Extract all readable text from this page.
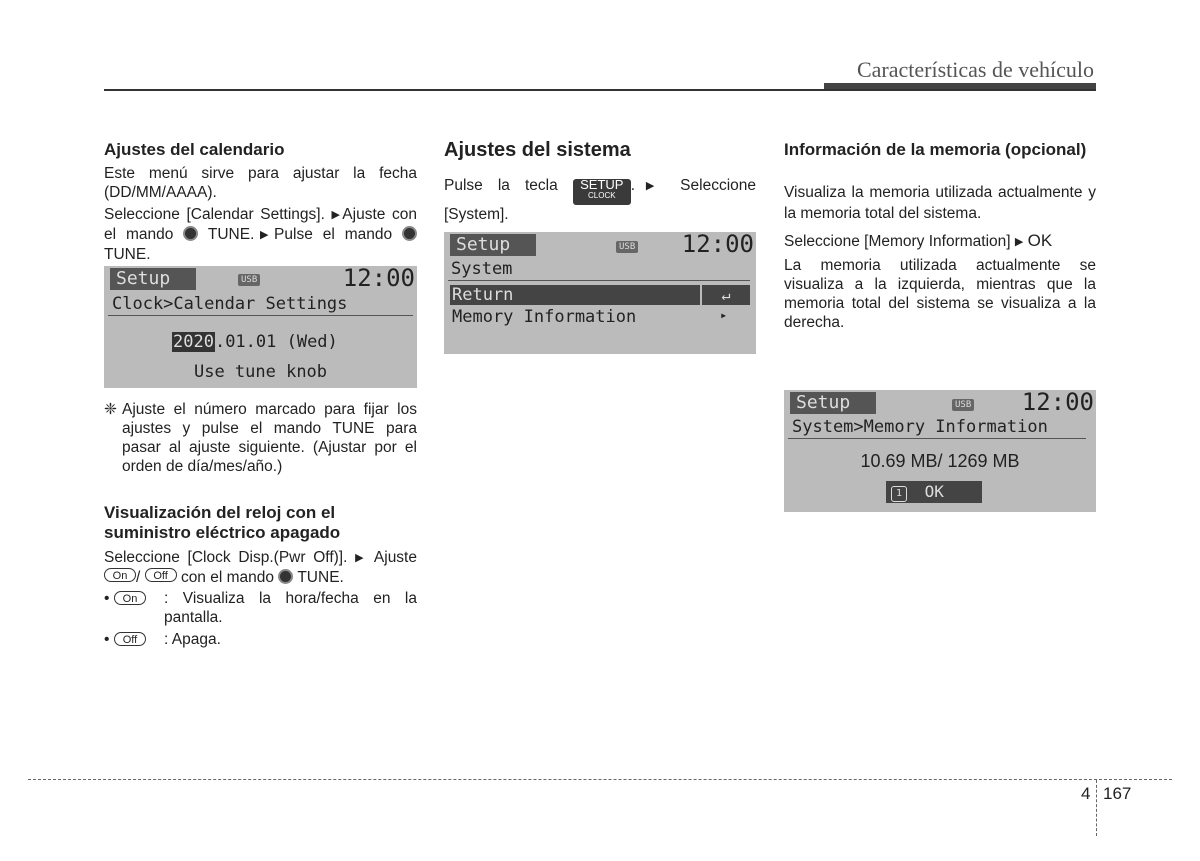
Características de vehículo
Ajustes del calendario

Este menú sirve para ajustar la fecha (DD/MM/AAAA).

Seleccione [Calendar Settings]. ▶Ajuste con el mando TUNE.▶Pulse el mando  TUNE.

Setup	USB	12:00
Clock>Calendar Settings
2020.01.01 (Wed)
Use tune knob

❈ Ajuste el número marcado para fijar los ajustes y pulse el mando TUNE para pasar al ajuste siguiente. (Ajustar por el orden de día/mes/año.)

Visualización del reloj con el suministro eléctrico apagado

Seleccione [Clock Disp.(Pwr Off)]. ▶ Ajuste On / Off con el mando TUNE.

•	On	: Visualiza la hora/fecha en la pantalla.
•	Off	: Apaga.
Ajustes del sistema

Pulse la tecla SETUP
CLOCK
.▶ Seleccione [System].

Setup	USB 12:00
System
Return	↵
Memory Information	▸
Información de la memoria (opcional)

Visualiza la memoria utilizada actualmente y la memoria total del sistema.

Seleccione [Memory Information] ▶ OK

La memoria utilizada actualmente se visualiza a la izquierda, mientras que la memoria total del sistema se visualiza a la derecha.

Setup	USB 12:00
System>Memory Information
10.69 MB/ 1269 MB
1 OK
4 167
